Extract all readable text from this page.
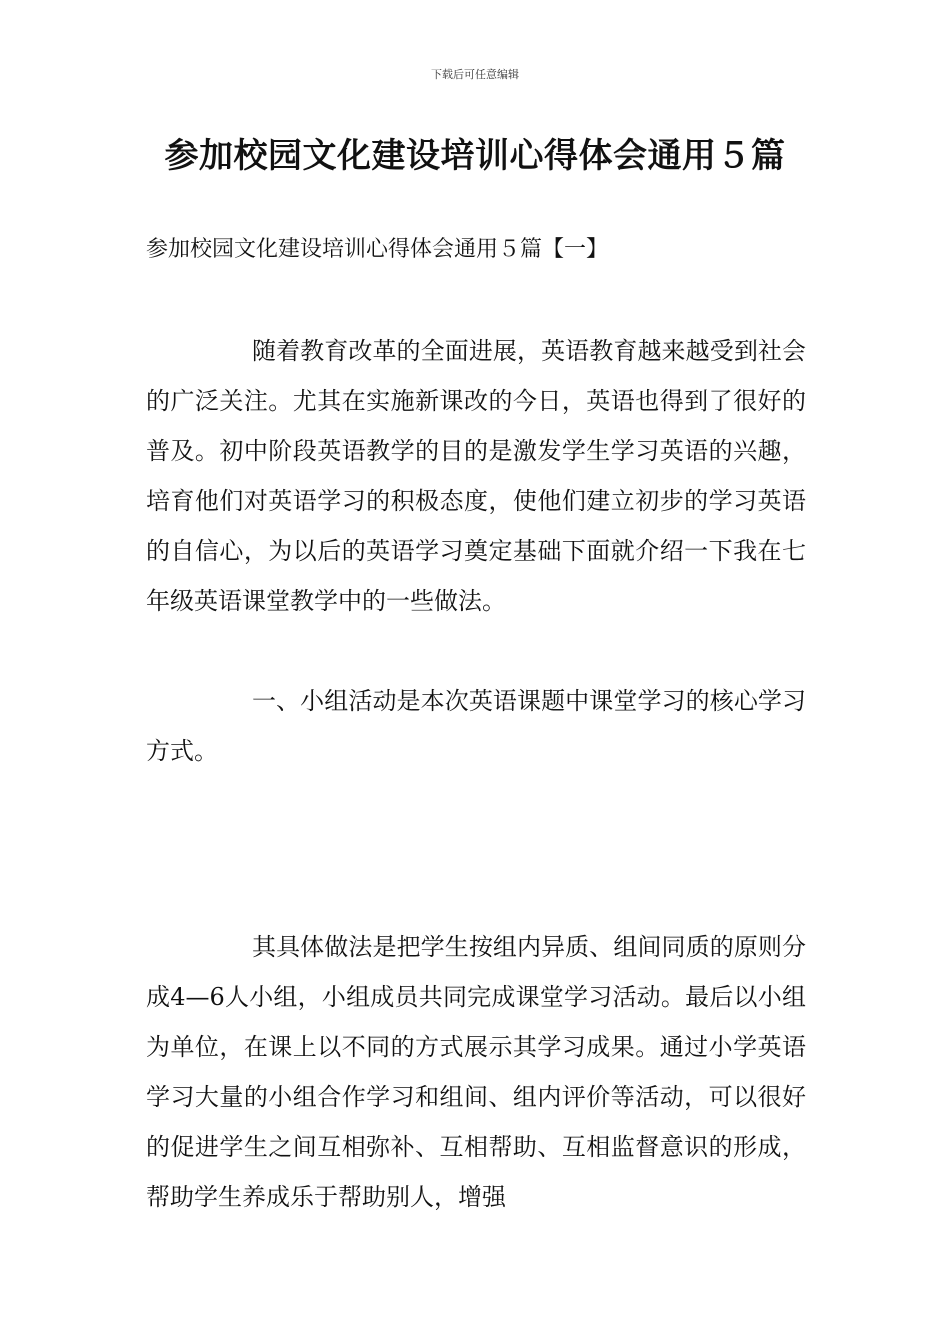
下载后可任意编辑
参加校园文化建设培训心得体会通用５篇
参加校园文化建设培训心得体会通用５篇【一】

随着教育改革的全面进展，英语教育越来越受到社会的广泛关注。尤其在实施新课改的今日，英语也得到了很好的普及。初中阶段英语教学的目的是激发学生学习英语的兴趣，培育他们对英语学习的积极态度，使他们建立初步的学习英语的自信心，为以后的英语学习奠定基础下面就介绍一下我在七年级英语课堂教学中的一些做法。

一、小组活动是本次英语课题中课堂学习的核心学习方式。

其具体做法是把学生按组内异质、组间同质的原则分成4—6人小组，小组成员共同完成课堂学习活动。最后以小组为单位，在课上以不同的方式展示其学习成果。通过小学英语学习大量的小组合作学习和组间、组内评价等活动，可以很好的促进学生之间互相弥补、互相帮助、互相监督意识的形成，帮助学生养成乐于帮助别人，增强
